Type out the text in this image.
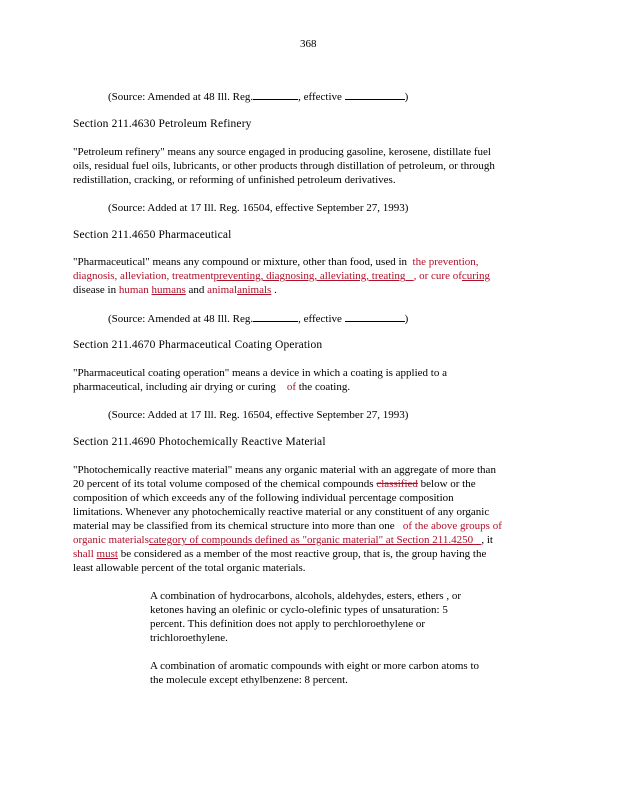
368
(Source: Amended at 48 Ill. Reg.	, effective	)
Section 211.4630 Petroleum Refinery
"Petroleum refinery" means any source engaged in producing gasoline, kerosene, distillate fuel
oils, residual fuel oils, lubricants, or other products through distillation of petroleum, or through
redistillation, cracking, or reforming of unfinished petroleum derivatives.
(Source: Added at 17 Ill. Reg. 16504, effective September 27, 1993)
Section 211.4650 Pharmaceutical
"Pharmaceutical" means any compound or mixture, other than food, used in the prevention,
diagnosis, alleviation, treatmentpreventing, diagnosing, alleviating, treating , or cure ofcuring
disease in human humans and animalanimals .
(Source: Amended at 48 Ill. Reg.	, effective	)
Section 211.4670 Pharmaceutical Coating Operation
"Pharmaceutical coating operation" means a device in which a coating is applied to a
pharmaceutical, including air drying or curing of the coating.
(Source: Added at 17 Ill. Reg. 16504, effective September 27, 1993)
Section 211.4690 Photochemically Reactive Material
"Photochemically reactive material" means any organic material with an aggregate of more than
20 percent of its total volume composed of the chemical compounds classified below or the
composition of which exceeds any of the following individual percentage composition
limitations. Whenever any photochemically reactive material or any constituent of any organic
material may be classified from its chemical structure into more than one of the above groups of
organic materialscategory of compounds defined as "organic material" at Section 211.4250 , it
shall must be considered as a member of the most reactive group, that is, the group having the
least allowable percent of the total organic materials.
A combination of hydrocarbons, alcohols, aldehydes, esters, ethers , or
ketones having an olefinic or cyclo-olefinic types of unsaturation: 5
percent. This definition does not apply to perchloroethylene or
trichloroethylene.
A combination of aromatic compounds with eight or more carbon atoms to
the molecule except ethylbenzene: 8 percent.
